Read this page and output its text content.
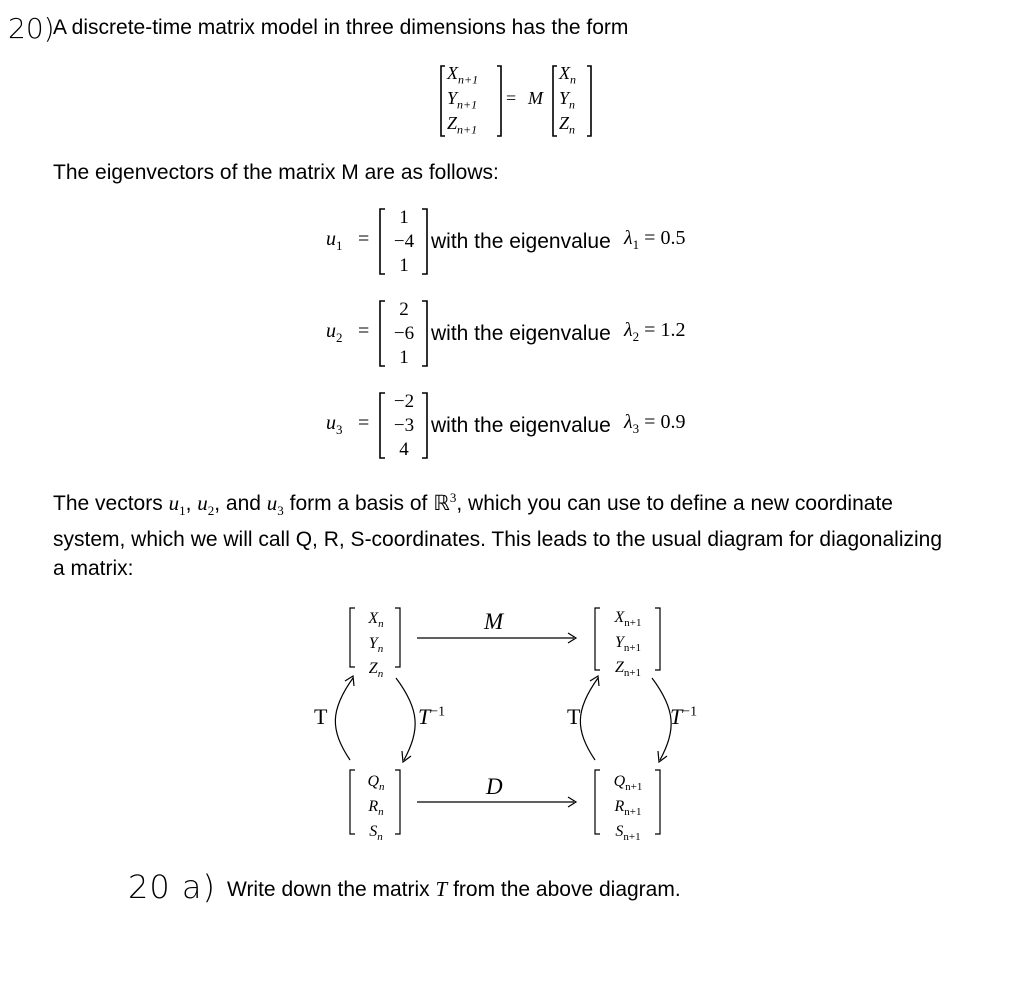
20)
A discrete-time matrix model in three dimensions has the form
$X_{n+1}$
$Y_{n+1}$
$Z_{n+1}$
= M
$X_n$
$Y_n$
$Z_n$
The eigenvectors of the matrix M are as follows:
$u_1$ =
1
−4
1
with the eigenvalue $\lambda_1 = 0.5$
$u_2$ =
2
−6
1
with the eigenvalue $\lambda_2 = 1.2$
$u_3$ =
−2
−3
4
with the eigenvalue $\lambda_3 = 0.9$
The vectors $u_1$, $u_2$, and $u_3$ form a basis of ℝ$^3$, which you can use to define a new coordinate
system, which we will call Q, R, S-coordinates. This leads to the usual diagram for diagonalizing
a matrix:
$X_n$
$Y_n$
$Z_n$
$X_{n+1}$
$Y_{n+1}$
$Z_{n+1}$
$Q_n$
$R_n$
$S_n$
$Q_{n+1}$
$R_{n+1}$
$S_{n+1}$
M
D
T	$T^{-1}$	T	$T^{-1}$
20 a) Write down the matrix T from the above diagram.
